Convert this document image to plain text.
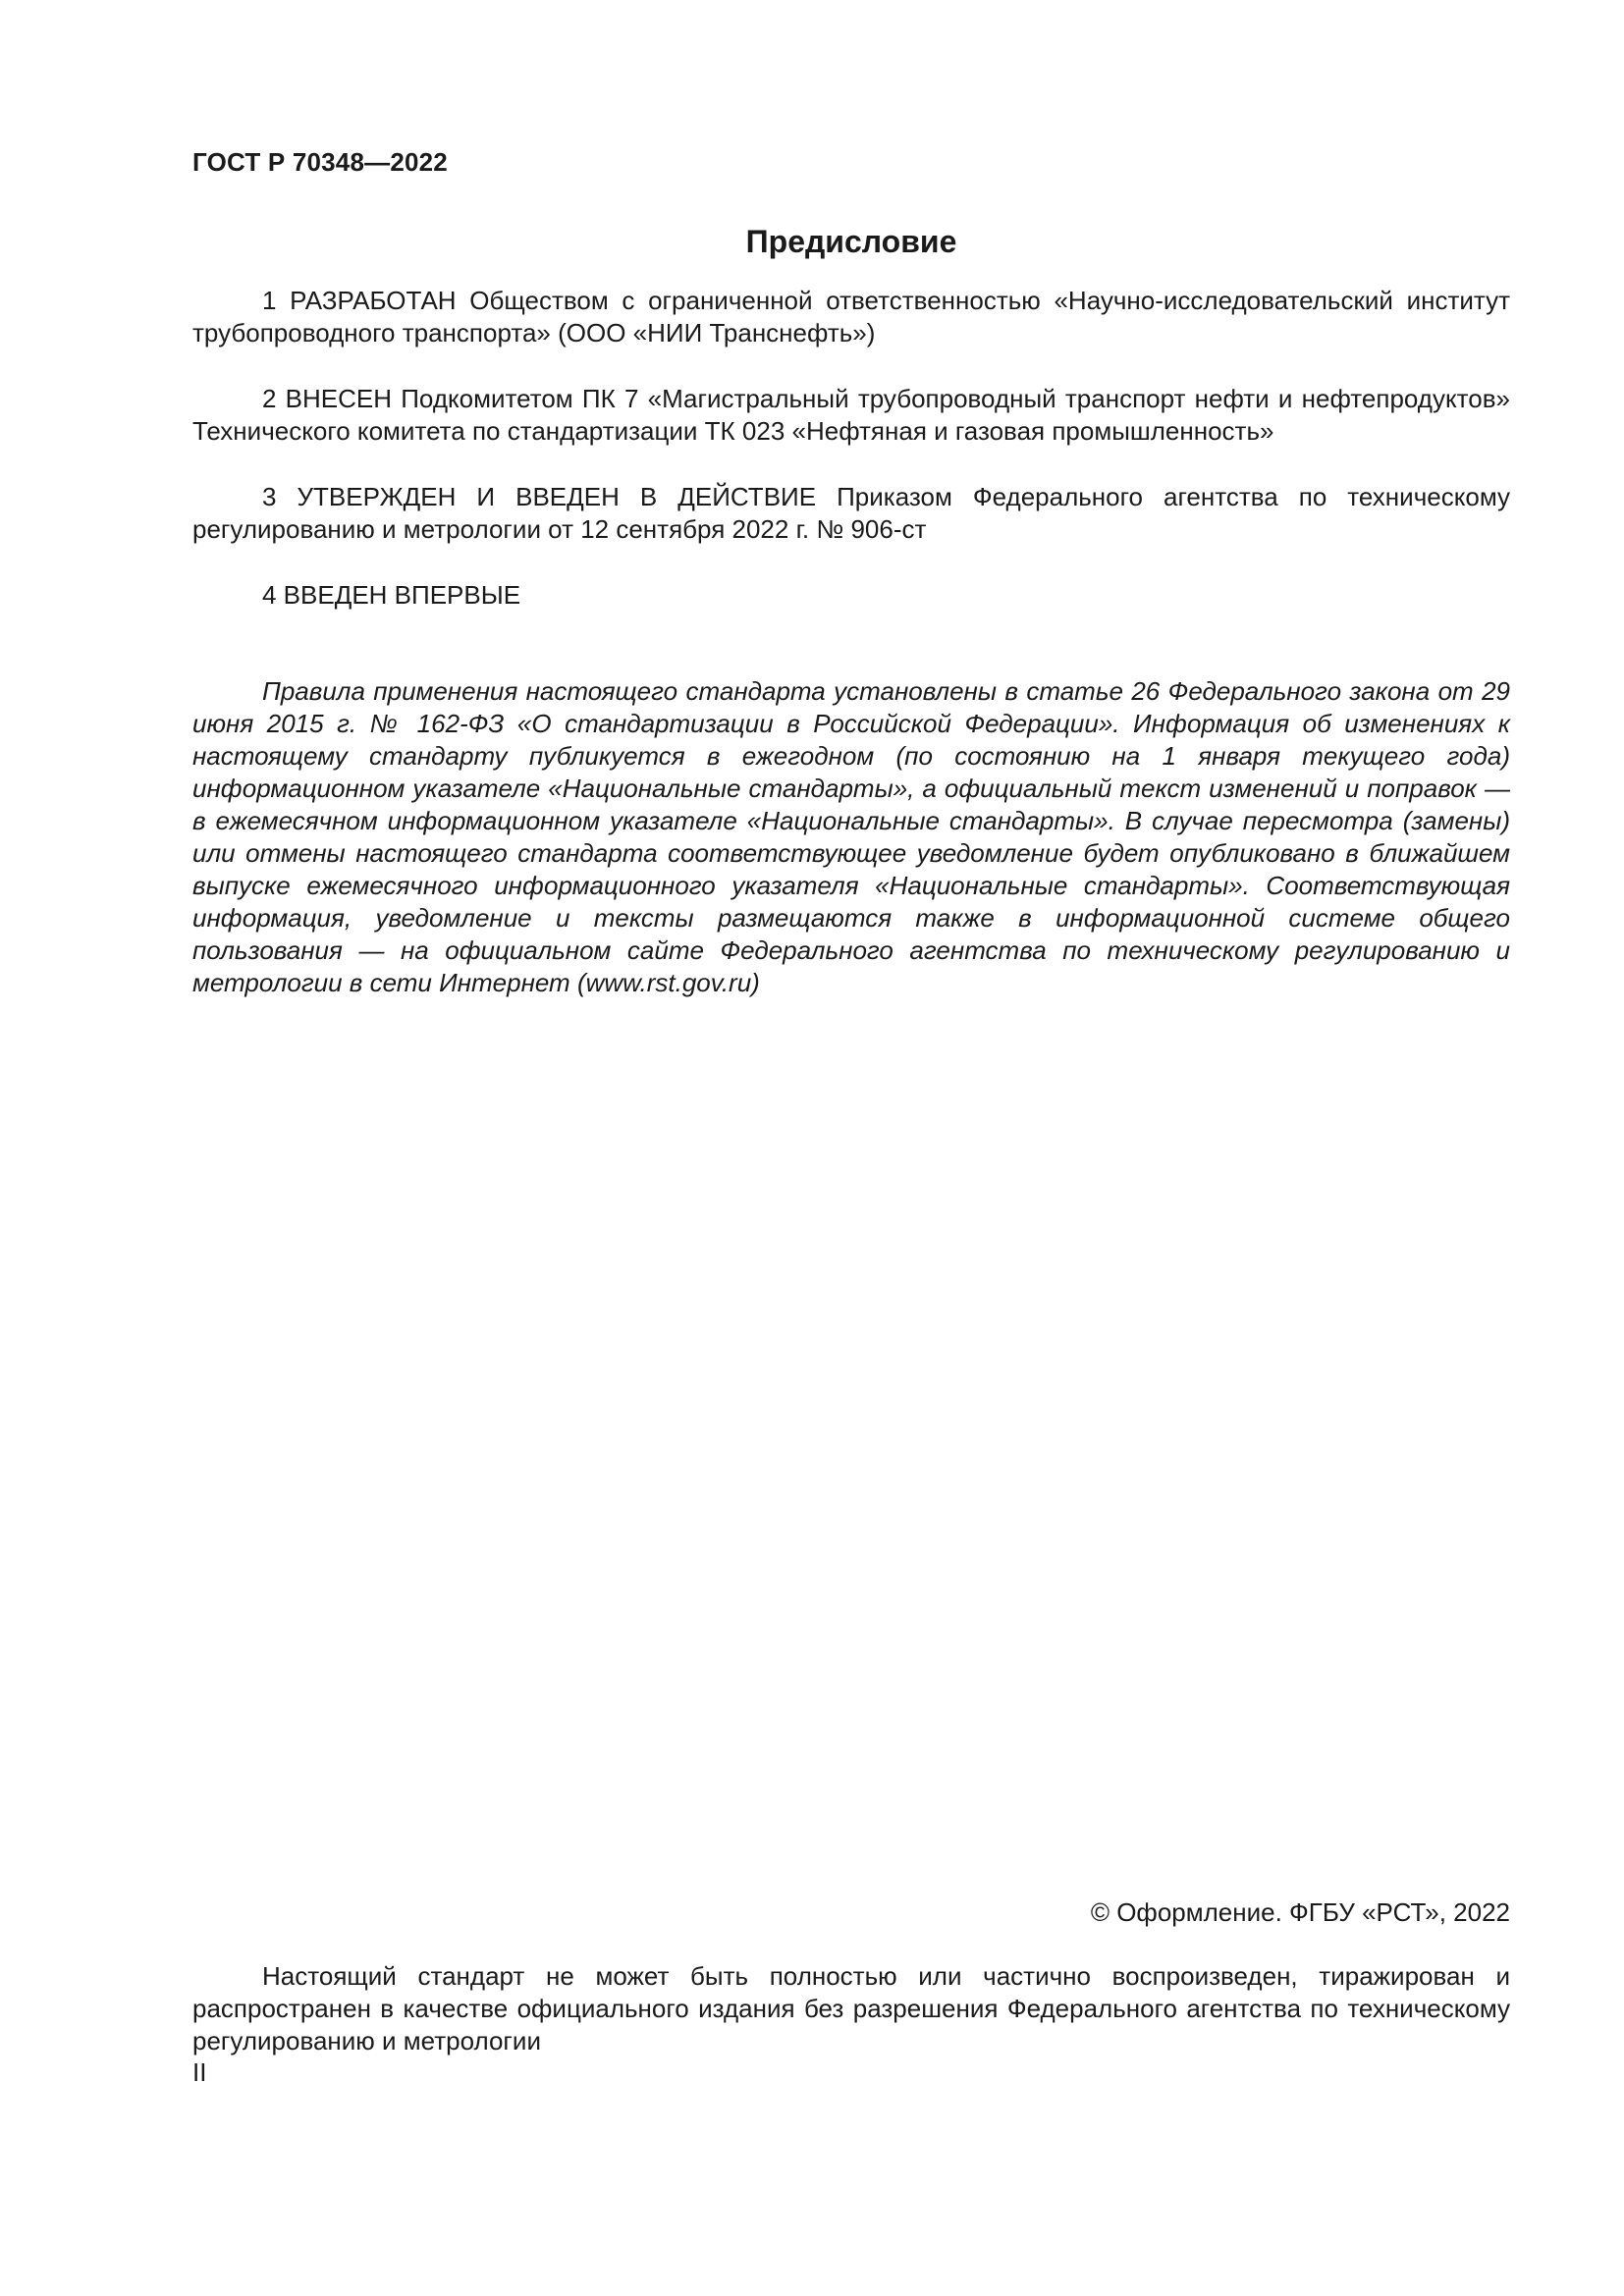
ГОСТ Р 70348—2022
Предисловие

1 РАЗРАБОТАН Обществом с ограниченной ответственностью «Научно-исследовательский институт трубопроводного транспорта» (ООО «НИИ Транснефть»)

2 ВНЕСЕН Подкомитетом ПК 7 «Магистральный трубопроводный транспорт нефти и нефтепродуктов» Технического комитета по стандартизации ТК 023 «Нефтяная и газовая промышленность»

3 УТВЕРЖДЕН И ВВЕДЕН В ДЕЙСТВИЕ Приказом Федерального агентства по техническому регулированию и метрологии от 12 сентября 2022 г. № 906-ст

4 ВВЕДЕН ВПЕРВЫЕ

Правила применения настоящего стандарта установлены в статье 26 Федерального закона от 29 июня 2015 г. № 162-ФЗ «О стандартизации в Российской Федерации». Информация об изменениях к настоящему стандарту публикуется в ежегодном (по состоянию на 1 января текущего года) информационном указателе «Национальные стандарты», а официальный текст изменений и поправок — в ежемесячном информационном указателе «Национальные стандарты». В случае пересмотра (замены) или отмены настоящего стандарта соответствующее уведомление будет опубликовано в ближайшем выпуске ежемесячного информационного указателя «Национальные стандарты». Соответствующая информация, уведомление и тексты размещаются также в информационной системе общего пользования — на официальном сайте Федерального агентства по техническому регулированию и метрологии в сети Интернет (www.rst.gov.ru)

© Оформление. ФГБУ «РСТ», 2022

Настоящий стандарт не может быть полностью или частично воспроизведен, тиражирован и распространен в качестве официального издания без разрешения Федерального агентства по техническому регулированию и метрологии

II
